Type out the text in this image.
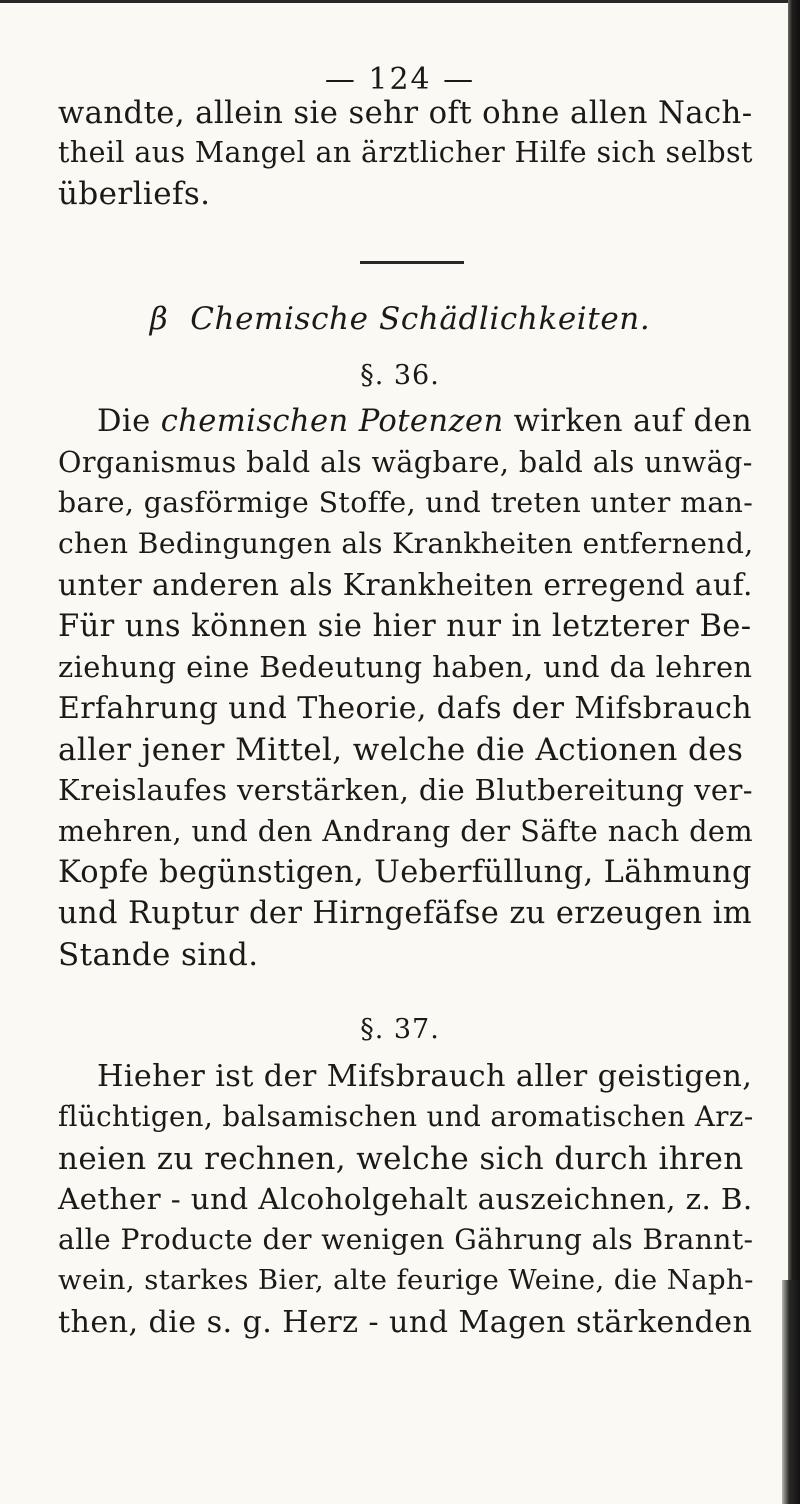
— 124 —
wandte, allein sie sehr oft ohne allen Nach-
theil aus Mangel an ärztlicher Hilfe sich selbst
überliefs.
β Chemische Schädlichkeiten.
§. 36.
Die chemischen Potenzen wirken auf den
Organismus bald als wägbare, bald als unwäg-
bare, gasförmige Stoffe, und treten unter man-
chen Bedingungen als Krankheiten entfernend,
unter anderen als Krankheiten erregend auf.
Für uns können sie hier nur in letzterer Be-
ziehung eine Bedeutung haben, und da lehren
Erfahrung und Theorie, dafs der Mifsbrauch
aller jener Mittel, welche die Actionen des
Kreislaufes verstärken, die Blutbereitung ver-
mehren, und den Andrang der Säfte nach dem
Kopfe begünstigen, Ueberfüllung, Lähmung
und Ruptur der Hirngefäfse zu erzeugen im
Stande sind.
§. 37.
Hieher ist der Mifsbrauch aller geistigen,
flüchtigen, balsamischen und aromatischen Arz-
neien zu rechnen, welche sich durch ihren
Aether - und Alcoholgehalt auszeichnen, z. B.
alle Producte der wenigen Gährung als Brannt-
wein, starkes Bier, alte feurige Weine, die Naph-
then, die s. g. Herz - und Magen stärkenden
